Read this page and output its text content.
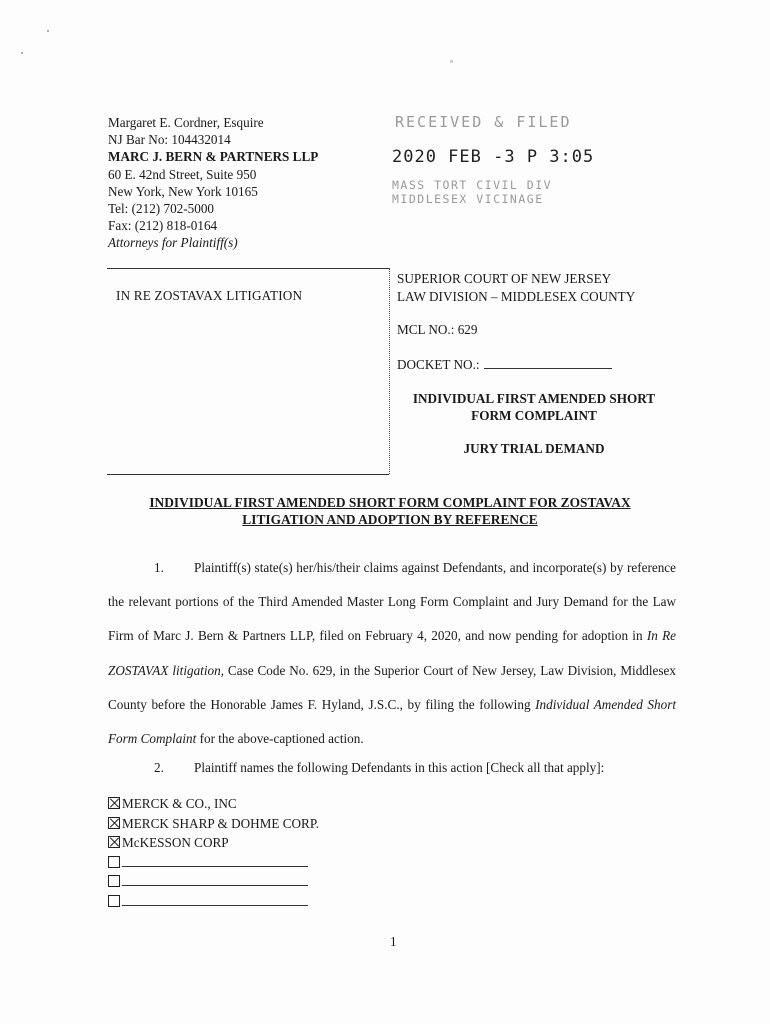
Margaret E. Cordner, Esquire
NJ Bar No: 104432014
MARC J. BERN & PARTNERS LLP
60 E. 42nd Street, Suite 950
New York, New York 10165
Tel: (212) 702-5000
Fax: (212) 818-0164
Attorneys for Plaintiff(s)
RECEIVED & FILED
2020 FEB -3 P 3:05
MASS TORT CIVIL DIV
MIDDLESEX VICINAGE
IN RE ZOSTAVAX LITIGATION
SUPERIOR COURT OF NEW JERSEY
LAW DIVISION – MIDDLESEX COUNTY
MCL NO.: 629
DOCKET NO.:
INDIVIDUAL FIRST AMENDED SHORT
FORM COMPLAINT
JURY TRIAL DEMAND
INDIVIDUAL FIRST AMENDED SHORT FORM COMPLAINT FOR ZOSTAVAX
LITIGATION AND ADOPTION BY REFERENCE
1. Plaintiff(s) state(s) her/his/their claims against Defendants, and incorporate(s) by reference the relevant portions of the Third Amended Master Long Form Complaint and Jury Demand for the Law Firm of Marc J. Bern & Partners LLP, filed on February 4, 2020, and now pending for adoption in In Re ZOSTAVAX litigation, Case Code No. 629, in the Superior Court of New Jersey, Law Division, Middlesex County before the Honorable James F. Hyland, J.S.C., by filing the following Individual Amended Short Form Complaint for the above-captioned action.
2. Plaintiff names the following Defendants in this action [Check all that apply]:
MERCK & CO., INC
MERCK SHARP & DOHME CORP.
McKESSON CORP
1
